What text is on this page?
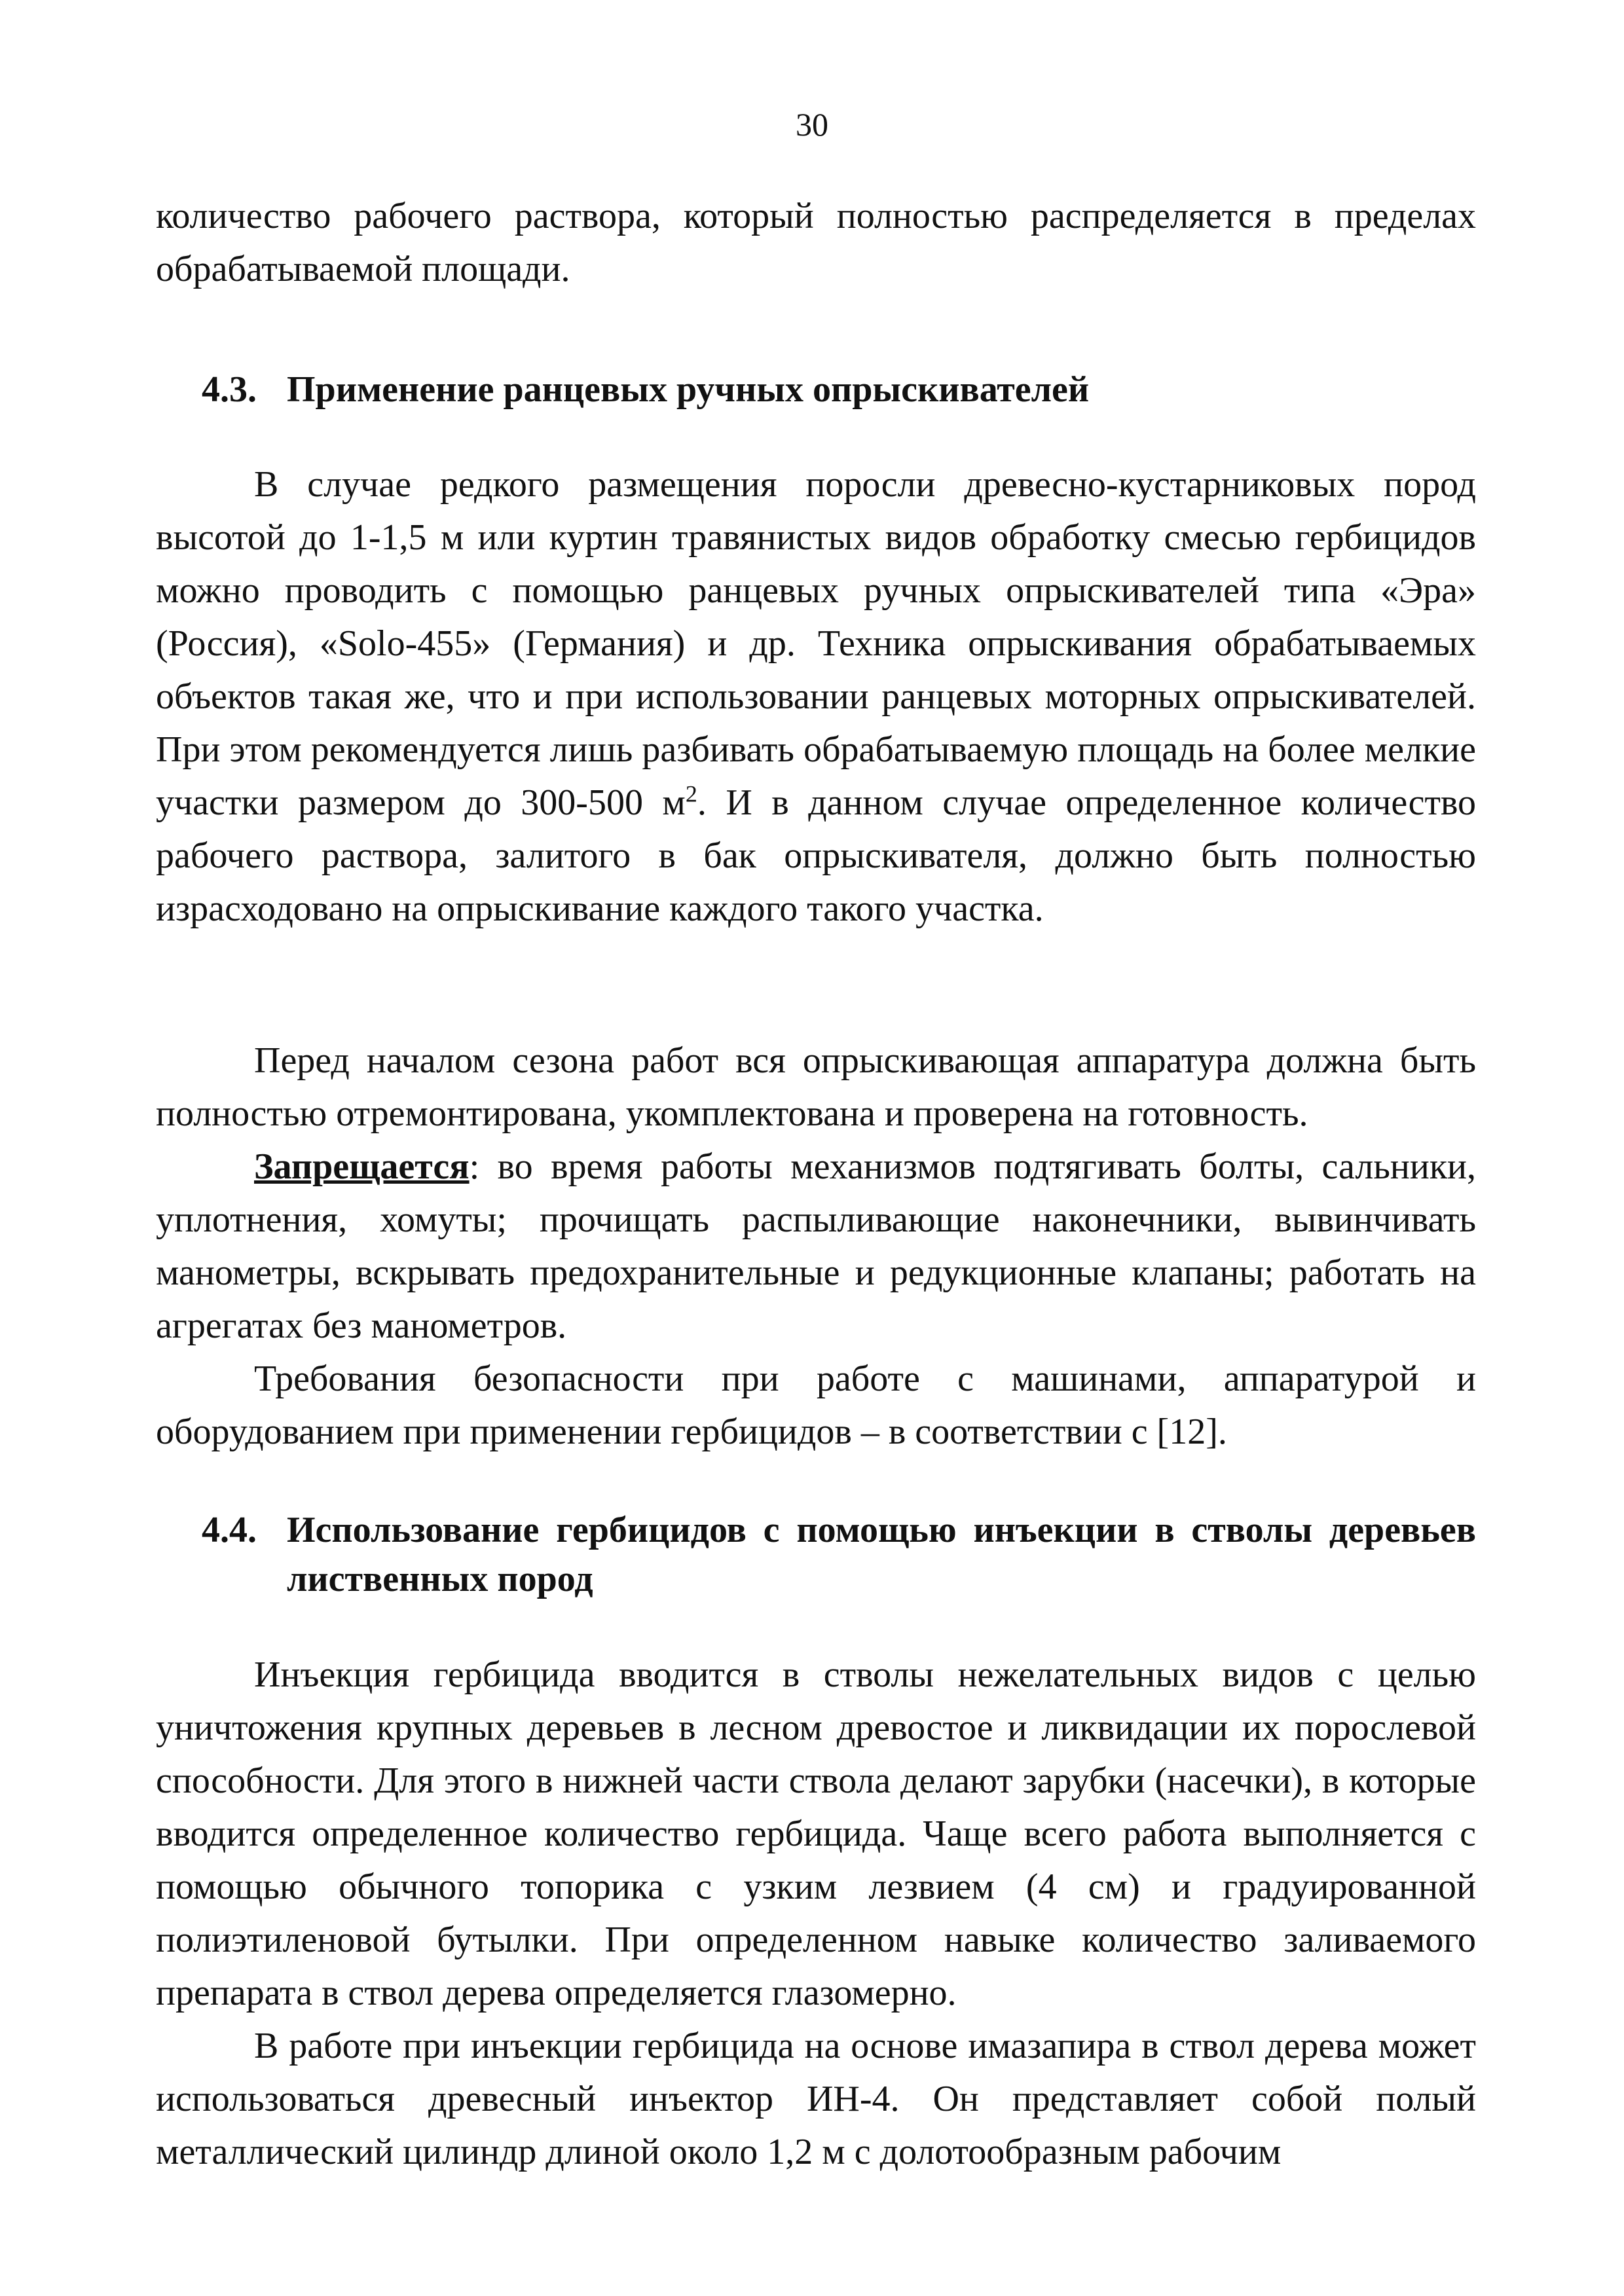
30

количество рабочего раствора, который полностью распределяется в пределах обрабатываемой площади.

4.3. Применение ранцевых ручных опрыскивателей

В случае редкого размещения поросли древесно-кустарниковых пород высотой до 1-1,5 м или куртин травянистых видов обработку смесью гербицидов можно проводить с помощью ранцевых ручных опрыскивателей типа «Эра» (Россия), «Solo-455» (Германия) и др. Техника опрыскивания обрабатываемых объектов такая же, что и при использовании ранцевых моторных опрыскивателей. При этом рекомендуется лишь разбивать обрабатываемую площадь на более мелкие участки размером до 300-500 $м^2$. И в данном случае определенное количество рабочего раствора, залитого в бак опрыскивателя, должно быть полностью израсходовано на опрыскивание каждого такого участка.

Перед началом сезона работ вся опрыскивающая аппаратура должна быть полностью отремонтирована, укомплектована и проверена на готовность.

Запрещается: во время работы механизмов подтягивать болты, сальники, уплотнения, хомуты; прочищать распыливающие наконечники, вывинчивать манометры, вскрывать предохранительные и редукционные клапаны; работать на агрегатах без манометров.

Требования безопасности при работе с машинами, аппаратурой и оборудованием при применении гербицидов – в соответствии с [12].

4.4. Использование гербицидов с помощью инъекции в стволы деревьев лиственных пород

Инъекция гербицида вводится в стволы нежелательных видов с целью уничтожения крупных деревьев в лесном древостое и ликвидации их порослевой способности. Для этого в нижней части ствола делают зарубки (насечки), в которые вводится определенное количество гербицида. Чаще всего работа выполняется с помощью обычного топорика с узким лезвием (4 см) и градуированной полиэтиленовой бутылки. При определенном навыке количество заливаемого препарата в ствол дерева определяется глазомерно.

В работе при инъекции гербицида на основе имазапира в ствол дерева может использоваться древесный инъектор ИН-4. Он представляет собой полый металлический цилиндр длиной около 1,2 м с долотообразным рабочим
